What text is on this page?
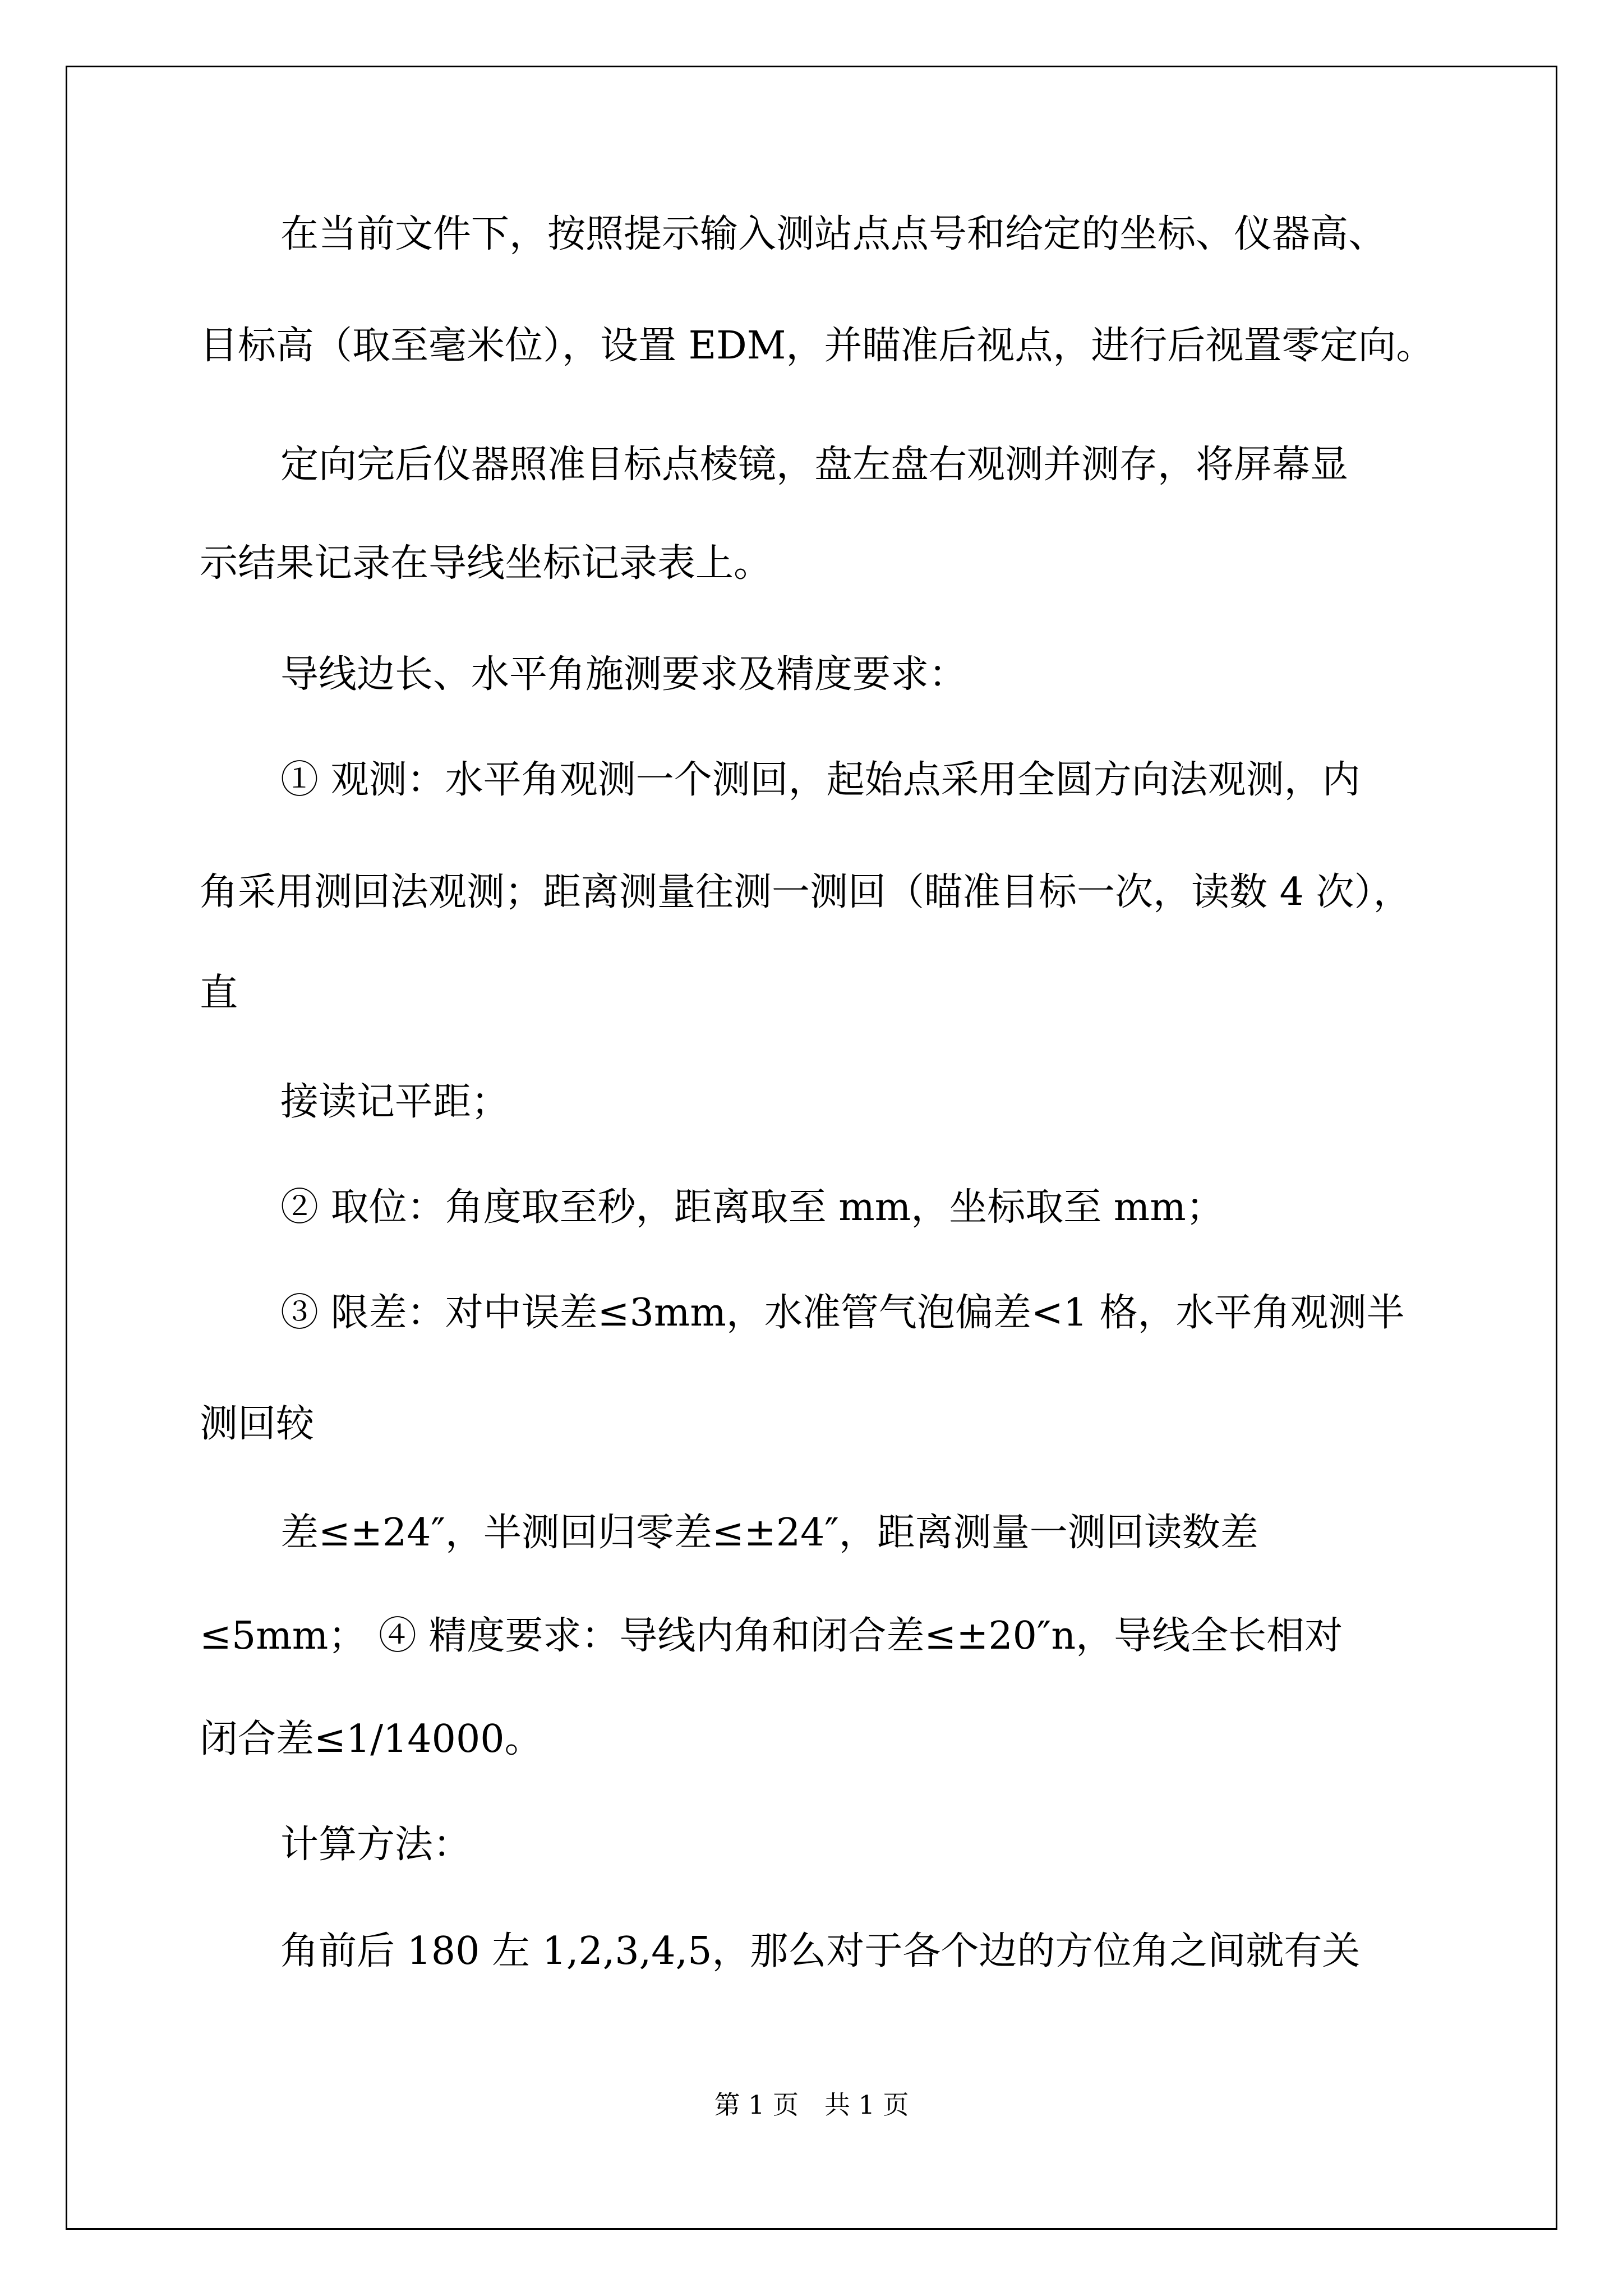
在当前文件下，按照提示输入测站点点号和给定的坐标、仪器高、

目标高（取至毫米位），设置 EDM，并瞄准后视点，进行后视置零定向。

定向完后仪器照准目标点棱镜，盘左盘右观测并测存，将屏幕显

示结果记录在导线坐标记录表上。

导线边长、水平角施测要求及精度要求：

① 观测：水平角观测一个测回，起始点采用全圆方向法观测，内

角采用测回法观测；距离测量往测一测回（瞄准目标一次，读数 4 次），

直

接读记平距；

② 取位：角度取至秒，距离取至 mm，坐标取至 mm；

③ 限差：对中误差≤3mm，水准管气泡偏差<1 格，水平角观测半

测回较

差≤±24″，半测回归零差≤±24″，距离测量一测回读数差

≤5mm； ④ 精度要求：导线内角和闭合差≤±20″n，导线全长相对

闭合差≤1/14000。

计算方法：

角前后 180 左 1,2,3,4,5，那么对于各个边的方位角之间就有关

第 1 页　共 1 页
